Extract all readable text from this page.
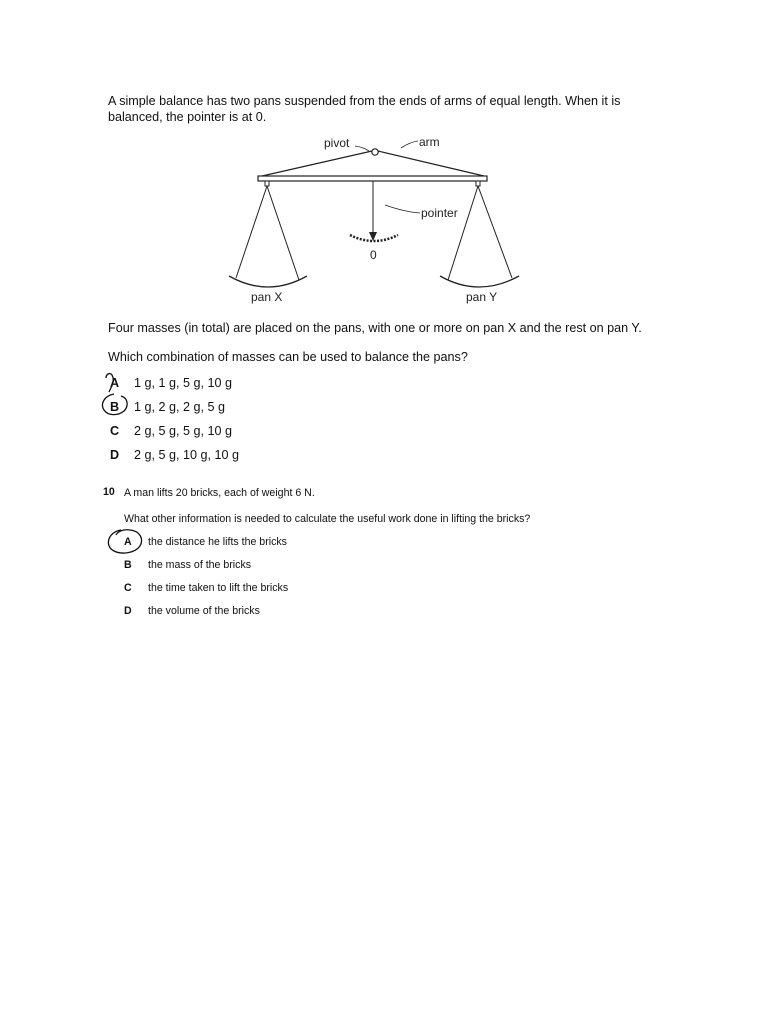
A simple balance has two pans suspended from the ends of arms of equal length. When it is balanced, the pointer is at 0.
pivot	arm
pointer
0
pan X	pan Y
Four masses (in total) are placed on the pans, with one or more on pan X and the rest on pan Y.
Which combination of masses can be used to balance the pans?
A 1 g, 1 g, 5 g, 10 g
B 1 g, 2 g, 2 g, 5 g
C 2 g, 5 g, 5 g, 10 g
D 2 g, 5 g, 10 g, 10 g
10 A man lifts 20 bricks, each of weight 6 N.
What other information is needed to calculate the useful work done in lifting the bricks?
A the distance he lifts the bricks
B the mass of the bricks
C the time taken to lift the bricks
D the volume of the bricks
